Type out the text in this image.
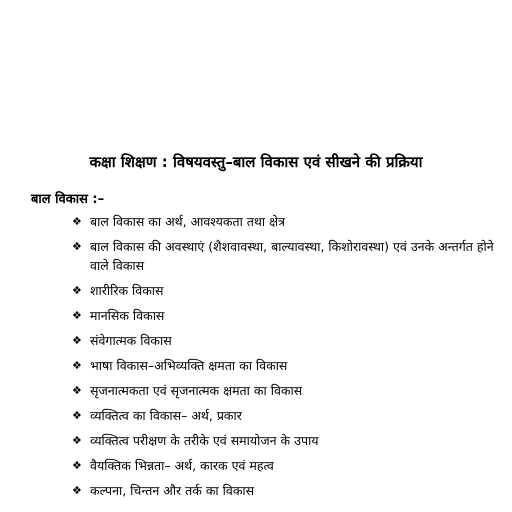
कक्षा शिक्षण : विषयवस्तु–बाल विकास एवं सीखने की प्रक्रिया
बाल विकास :–
❖ बाल विकास का अर्थ, आवश्यकता तथा क्षेत्र
❖ बाल विकास की अवस्थाएं (शैशवावस्था, बाल्यावस्था, किशोरावस्था) एवं उनके अन्तर्गत होने वाले विकास
❖ शारीरिक विकास
❖ मानसिक विकास
❖ संवेगात्मक विकास
❖ भाषा विकास–अभिव्यक्ति क्षमता का विकास
❖ सृजनात्मकता एवं सृजनात्मक क्षमता का विकास
❖ व्यक्तित्व का विकास– अर्थ, प्रकार
❖ व्यक्तित्व परीक्षण के तरीके एवं समायोजन के उपाय
❖ वैयक्तिक भिन्नता– अर्थ, कारक एवं महत्व
❖ कल्पना, चिन्तन और तर्क का विकास
